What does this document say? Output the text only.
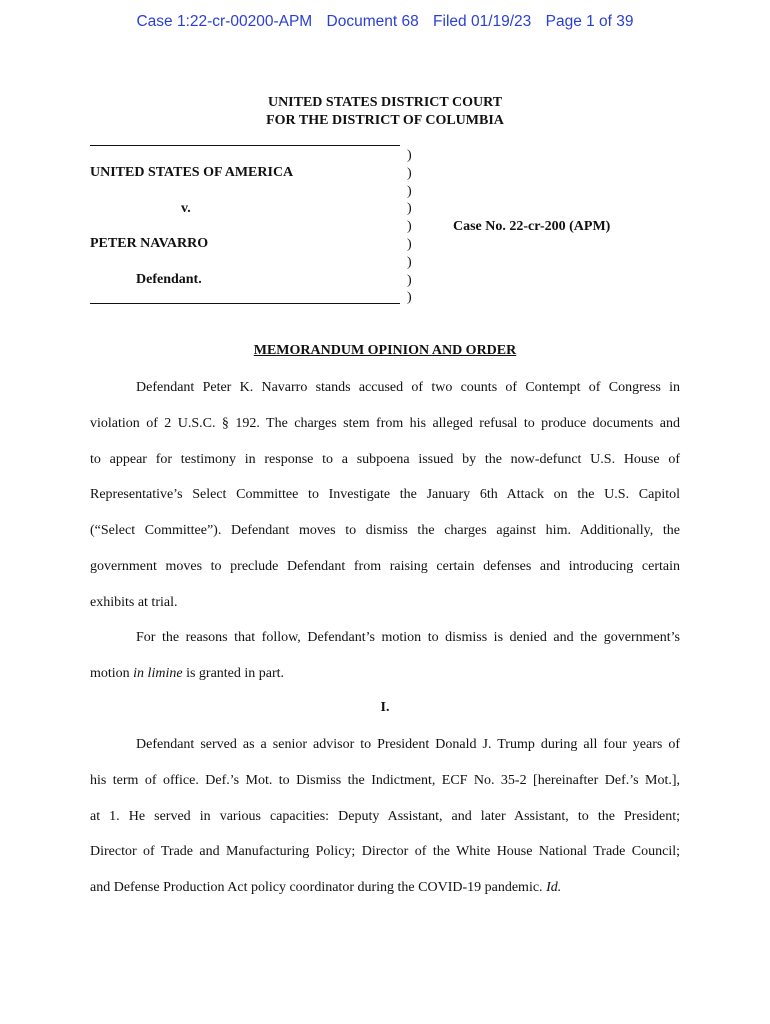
Case 1:22-cr-00200-APM Document 68 Filed 01/19/23 Page 1 of 39
UNITED STATES DISTRICT COURT
FOR THE DISTRICT OF COLUMBIA
UNITED STATES OF AMERICA
v.
PETER NAVARRO
Defendant.
)
)
)
)
)
)
)
)
)
Case No. 22-cr-200 (APM)
MEMORANDUM OPINION AND ORDER
Defendant Peter K. Navarro stands accused of two counts of Contempt of Congress in
violation of 2 U.S.C. § 192. The charges stem from his alleged refusal to produce documents and
to appear for testimony in response to a subpoena issued by the now-defunct U.S. House of
Representative’s Select Committee to Investigate the January 6th Attack on the U.S. Capitol
(“Select Committee”). Defendant moves to dismiss the charges against him. Additionally, the
government moves to preclude Defendant from raising certain defenses and introducing certain
exhibits at trial.
For the reasons that follow, Defendant’s motion to dismiss is denied and the government’s
motion in limine is granted in part.
I.
Defendant served as a senior advisor to President Donald J. Trump during all four years of
his term of office. Def.’s Mot. to Dismiss the Indictment, ECF No. 35-2 [hereinafter Def.’s Mot.],
at 1. He served in various capacities: Deputy Assistant, and later Assistant, to the President;
Director of Trade and Manufacturing Policy; Director of the White House National Trade Council;
and Defense Production Act policy coordinator during the COVID-19 pandemic. Id.
